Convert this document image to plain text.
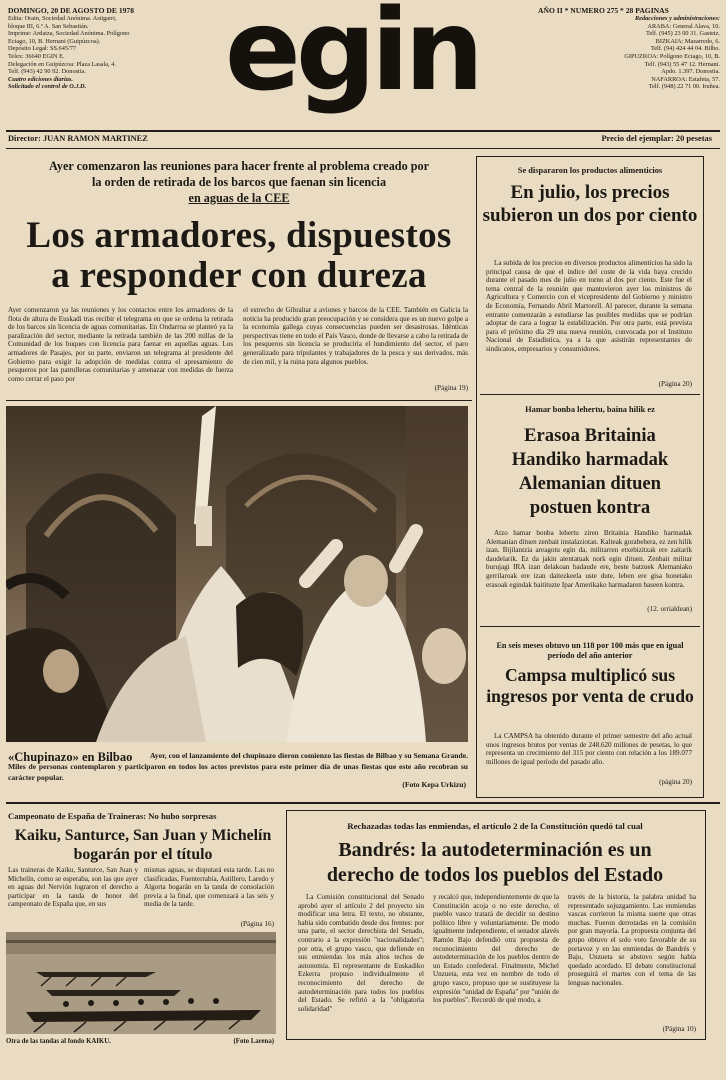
DOMINGO, 20 DE AGOSTO DE 1978
Edita: Orain, Sociedad Anónima. Astigarri,
bloque III, 6.º A. San Sebastián.
Imprime: Ardatza, Sociedad Anónima. Polígono
Eciago, 10, B. Hernani (Guipúzcoa).
Depósito Legal: SS.645/77
Telex: 36640 EGIN E.
Delegación en Guipúzcoa: Plaza Lasala, 4.
Telf. (943) 42 90 92. Donostia.
Cuatro ediciones diarias.
Solicitado el control de O.J.D.	egin	AÑO II * NUMERO 275 * 28 PAGINAS
Redacciones y administraciones:
ARABA: General Alava, 10.
Telf. (945) 23 00 31. Gasteiz.
BIZKAIA: Mazarredo, 6.
Telf. (94) 424 44 04. Bilbo.
GIPUZKOA: Polígono Eciago, 10, B.
Telf. (943) 55 47 12. Hernani.
Apdo. 1.397. Donostia.
NAFARROA: Estafeta, 57.
Telf. (948) 22 71 00. Iruñea.
Director: JUAN RAMON MARTINEZ	Precio del ejemplar: 20 pesetas
Ayer comenzaron las reuniones para hacer frente al problema creado por
la orden de retirada de los barcos que faenan sin licencia
en aguas de la CEE
Los armadores, dispuestos
a responder con dureza

Ayer comenzaron ya las reuniones y los contactos entre los armadores de la flota de altura de Euskadi tras recibir el telegrama en que se ordena la retirada de los barcos sin licencia de aguas comunitarias. En Ondarroa se planteó ya la paralización del sector, mediante la retirada también de las 200 millas de la Comunidad de los buques con licencia para faenar en aquellas aguas. Los armadores de Pasajes, por su parte, enviaron un telegrama al presidente del Gobierno para exigir la adopción de medidas contra el apresamiento de pesqueros por las patrulleras comunitarias y amenazar con medidas de fuerza como cerrar el paso por

el estrecho de Gibraltar a aviones y barcos de la CEE. También en Galicia la noticia ha producido gran preocupación y se considera que es un nuevo golpe a la economía gallega cuyas consecuencias pueden ser desastrosas. Idénticas perspectivas tiene en todo el País Vasco, donde de llevarse a cabo la retirada de los pesqueros sin licencia se produciría el hundimiento del sector, el paro generalizado para tripulantes y trabajadores de la pesca y sus derivados, más de cien mil, y la ruina para algunos pueblos.

(Página 19)
«Chupinazo» en Bilbao	Ayer, con el lanzamiento del chupinazo dieron comienzo las fiestas de Bilbao y su Semana Grande. Miles de personas contemplaron y participaron en todos los actos previstos para este primer día de unas fiestas que este año recobran su carácter popular.

(Foto Kepa Urkizu)
Se dispararon los productos alimenticios
En julio, los precios subieron un dos por ciento

La subida de los precios en diversos productos alimenticios ha sido la principal causa de que el índice del coste de la vida haya crecido durante el pasado mes de julio en torno al dos por ciento. Este fue el tema central de la reunión que mantuvieron ayer los ministros de Agricultura y Comercio con el vicepresidente del Gobierno y ministro de Economía, Fernando Abril Martorell. Al parecer, durante la semana entrante comenzarán a estudiarse las posibles medidas que se podrían adoptar de cara a lograr la estabilización. Por otra parte, está prevista para el próximo día 29 una nueva reunión, convocada por el Instituto Nacional de Estadística, ya a la que asistirán representantes de sindicatos, empresarios y consumidores.

(Página 20)
Hamar bonba lehertu, baina hilik ez
Erasoa Britainia Handiko harmadak Alemanian dituen postuen kontra

Atzo hamar bonba lehertu ziren Britainia Handiko harmadak Alemanian dituen zenbait instalaziotan. Kalteak gorabehera, ez zen hilik izan. Bijilantzia areagotu egin da, militarren etxebizitzak ere zaitarik daudelarik. Ez da jakin atentatuak nork egin dituen. Zenbait militar burujagi IRA izan delakoan badaude ere, beste batzuek Alemaniako gerrilaroak ere izan daitezkeela uste dute, leben ere gisa honetako erasoak egindak baitituzte Ipar Amerikako harmadaren baseen kontra.

(12. orrialdean)
En seis meses obtuvo un 118 por 100 más que en igual período del año anterior
Campsa multiplicó sus ingresos por venta de crudo

La CAMPSA ha obtenido durante el primer semestre del año actual unos ingresos brutos por ventas de 248.620 millones de pesetas, lo que representa un crecimiento del 315 por ciento con relación a los 189.077 millones de igual período del pasado año.

(página 20)
Campeonato de España de Traineras: No hubo sorpresas
Kaiku, Santurce, San Juan y Michelín bogarán por el título

Las traineras de Kaiku, Santurce, San Juan y Michelín, como se esperaba, son las que ayer en aguas del Nervión lograron el derecho a participar en la tanda de honor del campeonato de España que, en sus

mismas aguas, se disputará esta tarde. Las no clasificadas, Fuenterrabía, Astillero, Laredo y Algorta bogarán en la tanda de consolación previa a la final, que comenzará a las seis y media de la tarde.

(Página 16)
Otra de las tandas al fondo KAIKU.	(Foto Larena)
Rechazadas todas las enmiendas, el artículo 2 de la Constitución quedó tal cual
Bandrés: la autodeterminación es un
derecho de todos los pueblos del Estado

La Comisión constitucional del Senado aprobó ayer el artículo 2 del proyecto sin modificar una letra. El texto, no obstante, había sido combatido desde dos frentes: por una parte, el sector derechista del Senado, contrario a la expresión "nacionalidades"; por otra, el grupo vasco, que defiende en sus enmiendas los más altos techos de autonomía. El representante de Euskadiko Ezkerra propuso individualmente el reconocimiento del derecho de autodeterminación para todos los pueblos del Estado. Se refirió a la "obligatoria solidaridad"

y recalcó que, independientemente de que la Constitución acoja o no este derecho, el pueblo vasco tratará de decidir su destino político libre y voluntariamente. De modo igualmente independiente, el senador alavés Ramón Bajo defendió otra propuesta de reconocimiento del derecho de autodeterminación de los pueblos dentro de un Estado confederal. Finalmente, Michel Unzueta, esta vez en nombre de todo el grupo vasco, propuso que se sustituyese la expresión "unidad de España" por "unión de los pueblos". Recordó de qué modo, a

través de la historia, la palabra unidad ha representado sojuzgamiento. Las enmiendas vascas corrieron la misma suerte que otras muchas. Fueron derrotadas en la comisión por gran mayoría. La propuesta conjunta del grupo obtuvo el solo voto favorable de su portavoz y en las enmiendas de Bandrés y Bajo, Unzueta se abstuvo según había quedado acordado. El debate constitucional proseguirá el martes con el tema de las lenguas nacionales.

(Página 10)
